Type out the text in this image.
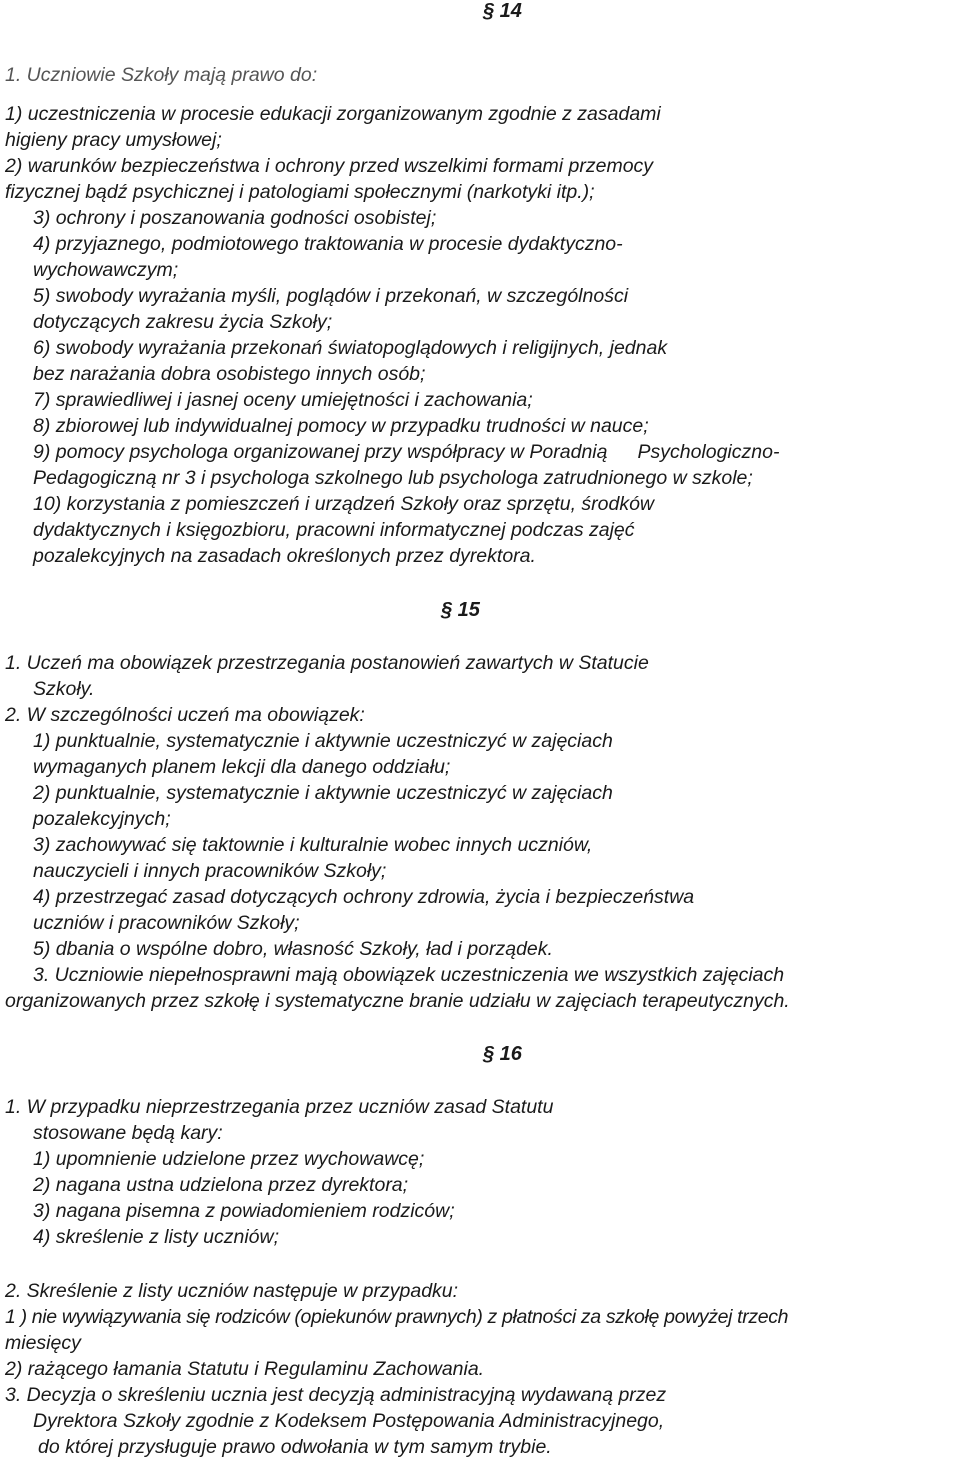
§ 14
1. Uczniowie Szkoły mają prawo do:
1) uczestniczenia w procesie edukacji zorganizowanym zgodnie z zasadami
higieny pracy umysłowej;
2) warunków bezpieczeństwa i ochrony przed wszelkimi formami przemocy
fizycznej bądź psychicznej i patologiami społecznymi (narkotyki itp.);
3) ochrony i poszanowania godności osobistej;
4) przyjaznego, podmiotowego traktowania w procesie dydaktyczno-
wychowawczym;
5) swobody wyrażania myśli, poglądów i przekonań, w szczególności
dotyczących zakresu życia Szkoły;
6) swobody wyrażania przekonań światopoglądowych i religijnych, jednak
bez narażania dobra osobistego innych osób;
7) sprawiedliwej i jasnej oceny umiejętności i zachowania;
8) zbiorowej lub indywidualnej pomocy w przypadku trudności w nauce;
9) pomocy psychologa organizowanej przy współpracy w Poradnią Psychologiczno-
Pedagogiczną nr 3 i psychologa szkolnego lub psychologa zatrudnionego w szkole;
10) korzystania z pomieszczeń i urządzeń Szkoły oraz sprzętu, środków
dydaktycznych i księgozbioru, pracowni informatycznej podczas zajęć
pozalekcyjnych na zasadach określonych przez dyrektora.
§ 15
1. Uczeń ma obowiązek przestrzegania postanowień zawartych w Statucie
Szkoły.
2. W szczególności uczeń ma obowiązek:
1) punktualnie, systematycznie i aktywnie uczestniczyć w zajęciach
wymaganych planem lekcji dla danego oddziału;
2) punktualnie, systematycznie i aktywnie uczestniczyć w zajęciach
pozalekcyjnych;
3) zachowywać się taktownie i kulturalnie wobec innych uczniów,
nauczycieli i innych pracowników Szkoły;
4) przestrzegać zasad dotyczących ochrony zdrowia, życia i bezpieczeństwa
uczniów i pracowników Szkoły;
5) dbania o wspólne dobro, własność Szkoły, ład i porządek.
3. Uczniowie niepełnosprawni mają obowiązek uczestniczenia we wszystkich zajęciach
organizowanych przez szkołę i systematyczne branie udziału w zajęciach terapeutycznych.
§ 16
1. W przypadku nieprzestrzegania przez uczniów zasad Statutu
stosowane będą kary:
1) upomnienie udzielone przez wychowawcę;
2) nagana ustna udzielona przez dyrektora;
3) nagana pisemna z powiadomieniem rodziców;
4) skreślenie z listy uczniów;
2. Skreślenie z listy uczniów następuje w przypadku:
1 ) nie wywiązywania się rodziców (opiekunów prawnych) z płatności za szkołę powyżej trzech
miesięcy
2) rażącego łamania Statutu i Regulaminu Zachowania.
3. Decyzja o skreśleniu ucznia jest decyzją administracyjną wydawaną przez
Dyrektora Szkoły zgodnie z Kodeksem Postępowania Administracyjnego,
do której przysługuje prawo odwołania w tym samym trybie.
